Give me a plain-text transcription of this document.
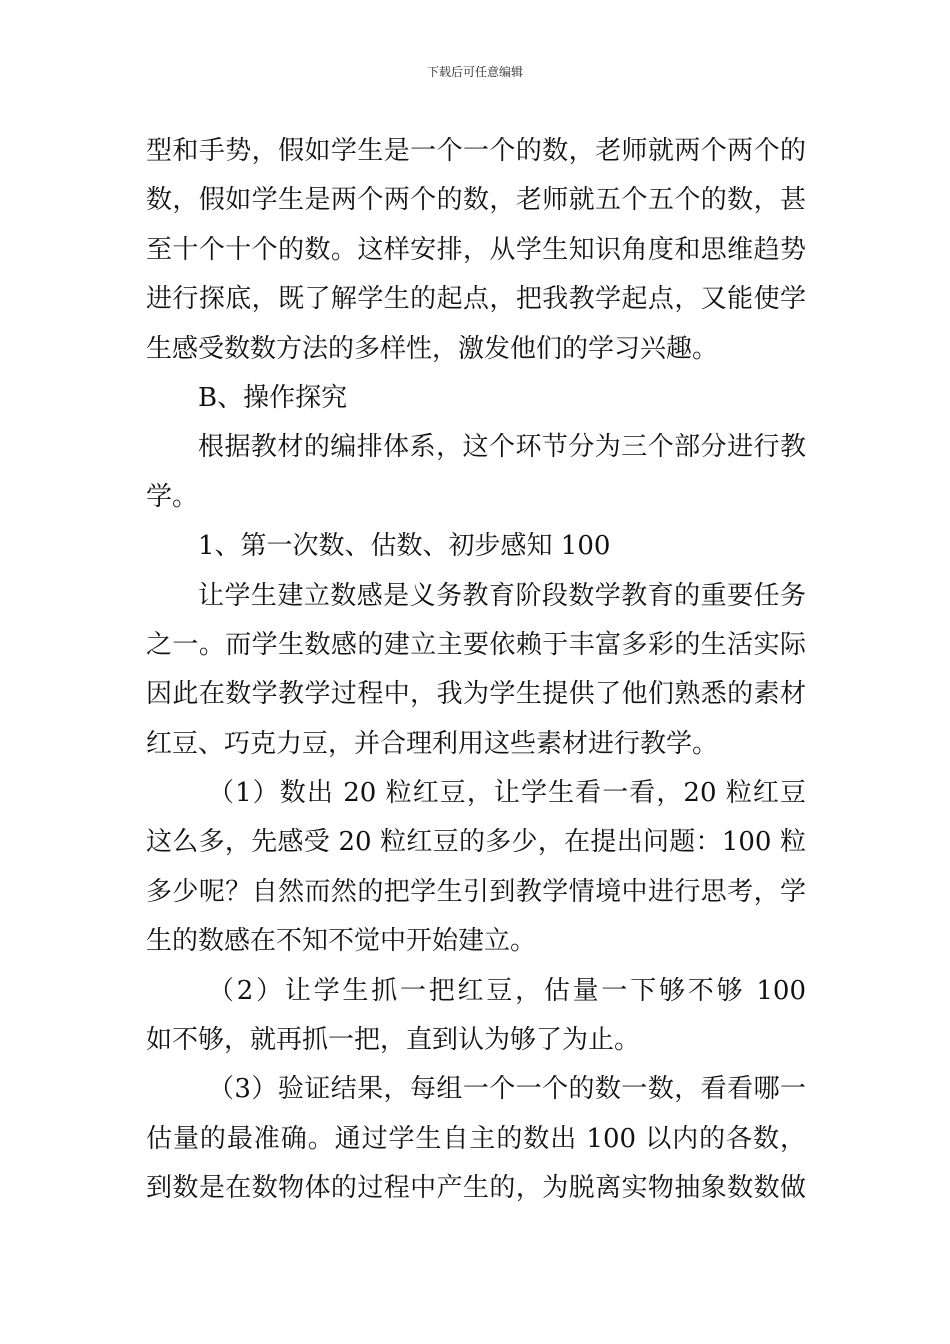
下载后可任意编辑
型和手势，假如学生是一个一个的数，老师就两个两个的
数，假如学生是两个两个的数，老师就五个五个的数，甚
至十个十个的数。这样安排，从学生知识角度和思维趋势
进行探底，既了解学生的起点，把我教学起点，又能使学
生感受数数方法的多样性，激发他们的学习兴趣。
B、操作探究
根据教材的编排体系，这个环节分为三个部分进行教
学。
1、第一次数、估数、初步感知 100
让学生建立数感是义务教育阶段数学教育的重要任务
之一。而学生数感的建立主要依赖于丰富多彩的生活实际
因此在数学教学过程中，我为学生提供了他们熟悉的素材
红豆、巧克力豆，并合理利用这些素材进行教学。
（1）数出 20 粒红豆，让学生看一看，20 粒红豆
这么多，先感受 20 粒红豆的多少，在提出问题：100 粒
多少呢？自然而然的把学生引到教学情境中进行思考，学
生的数感在不知不觉中开始建立。
（2）让学生抓一把红豆，估量一下够不够 100
如不够，就再抓一把，直到认为够了为止。
（3）验证结果，每组一个一个的数一数，看看哪一
估量的最准确。通过学生自主的数出 100 以内的各数，
到数是在数物体的过程中产生的，为脱离实物抽象数数做
